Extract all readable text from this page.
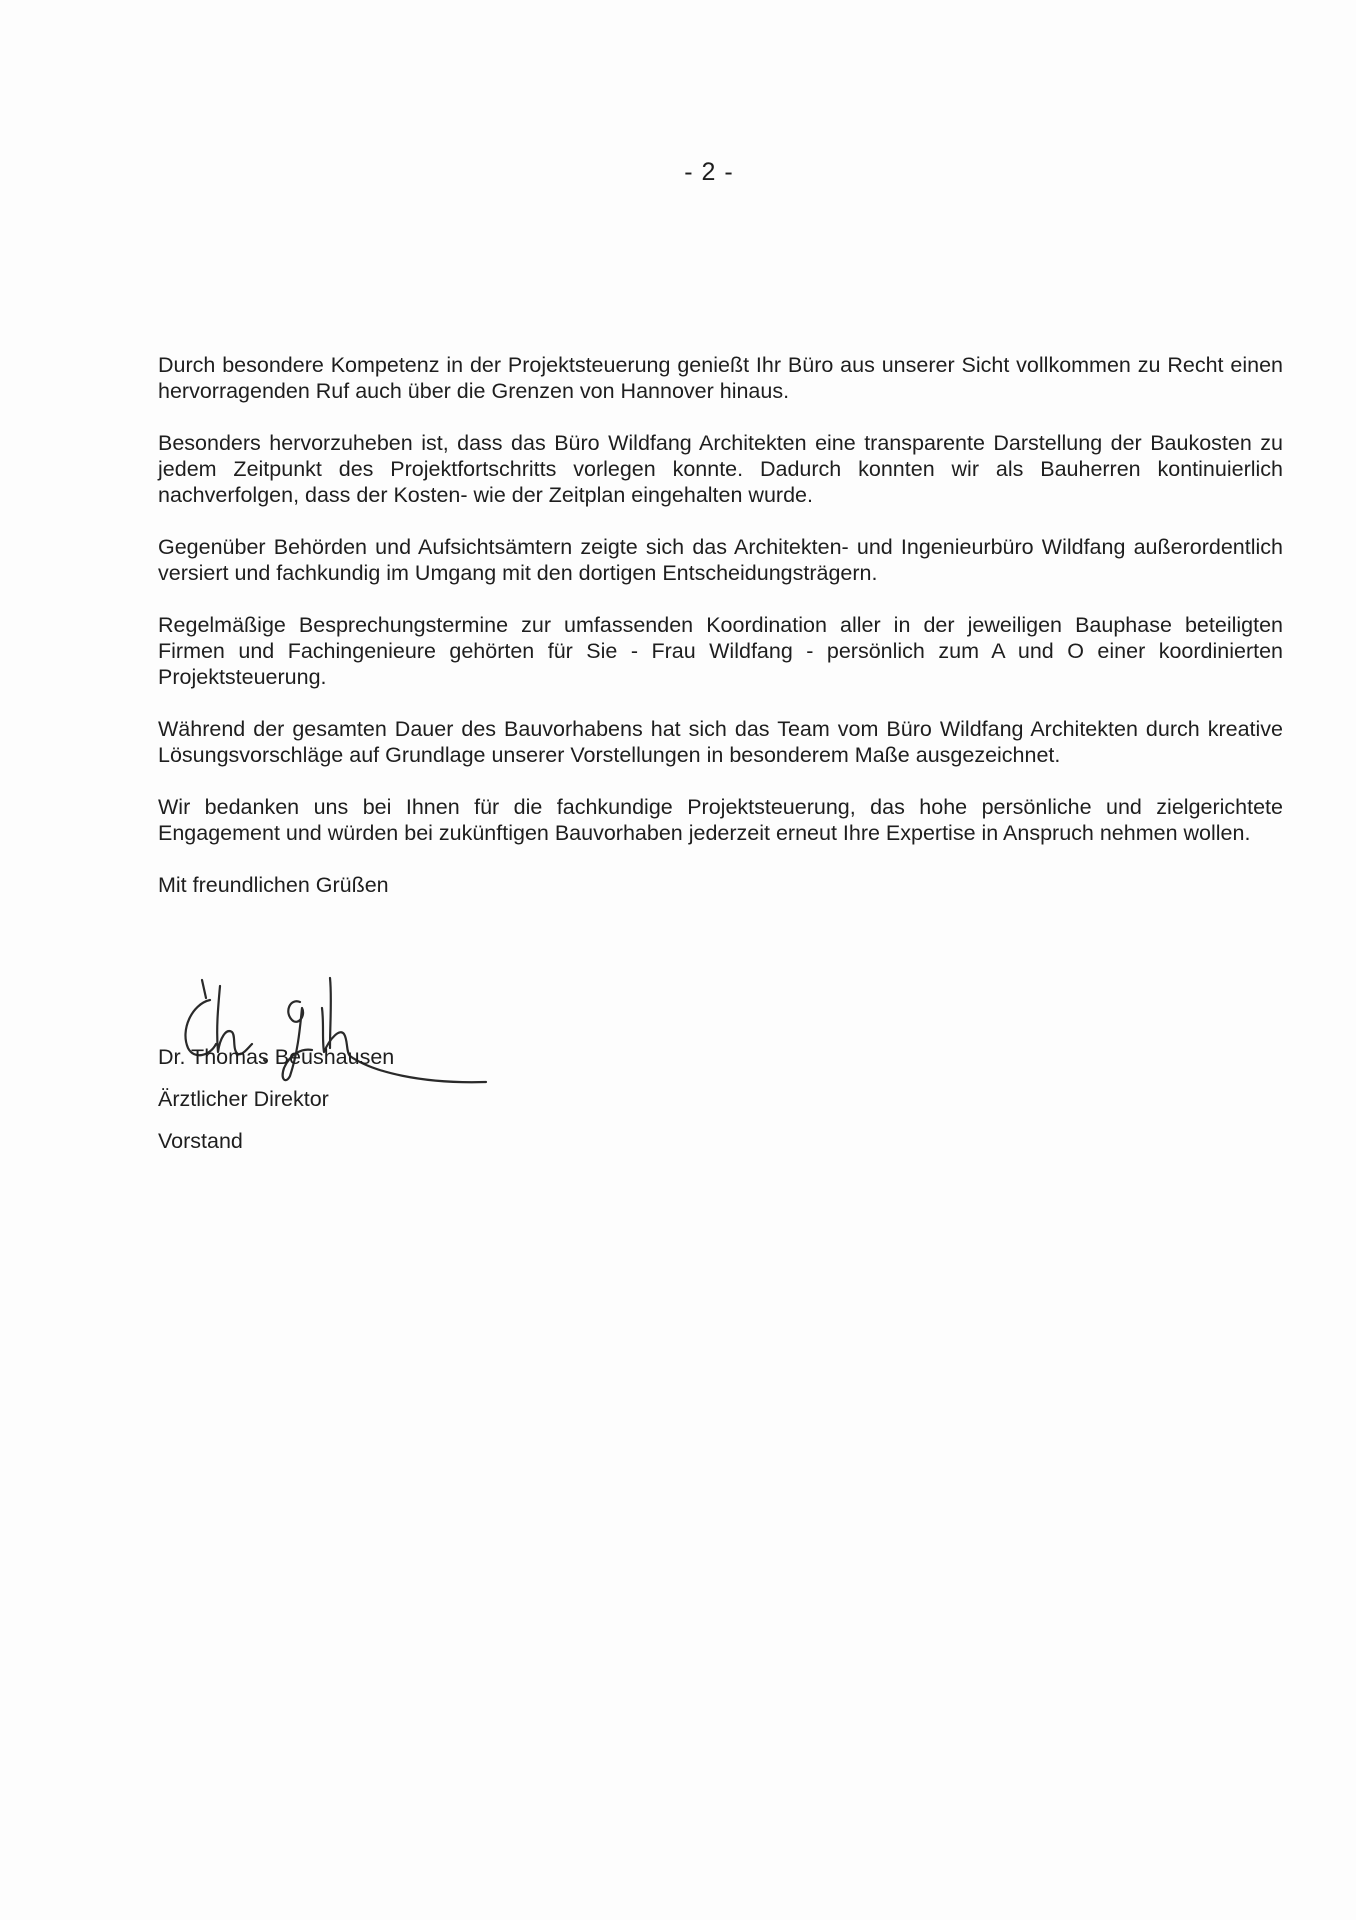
- 2 -

Durch besondere Kompetenz in der Projektsteuerung genießt Ihr Büro aus unserer Sicht vollkommen zu Recht einen hervorragenden Ruf auch über die Grenzen von Hannover hinaus.

Besonders hervorzuheben ist, dass das Büro Wildfang Architekten eine transparente Darstellung der Baukosten zu jedem Zeitpunkt des Projektfortschritts vorlegen konnte. Dadurch konnten wir als Bauherren kontinuierlich nachverfolgen, dass der Kosten- wie der Zeitplan eingehalten wurde.

Gegenüber Behörden und Aufsichtsämtern zeigte sich das Architekten- und Ingenieurbüro Wildfang außerordentlich versiert und fachkundig im Umgang mit den dortigen Entscheidungsträgern.

Regelmäßige Besprechungstermine zur umfassenden Koordination aller in der jeweiligen Bauphase beteiligten Firmen und Fachingenieure gehörten für Sie - Frau Wildfang - persönlich zum A und O einer koordinierten Projektsteuerung.

Während der gesamten Dauer des Bauvorhabens hat sich das Team vom Büro Wildfang Architekten durch kreative Lösungsvorschläge auf Grundlage unserer Vorstellungen in besonderem Maße ausgezeichnet.

Wir bedanken uns bei Ihnen für die fachkundige Projektsteuerung, das hohe persönliche und zielgerichtete Engagement und würden bei zukünftigen Bauvorhaben jederzeit erneut Ihre Expertise in Anspruch nehmen wollen.

Mit freundlichen Grüßen

Dr. Thomas Beushausen
Ärztlicher Direktor
Vorstand
